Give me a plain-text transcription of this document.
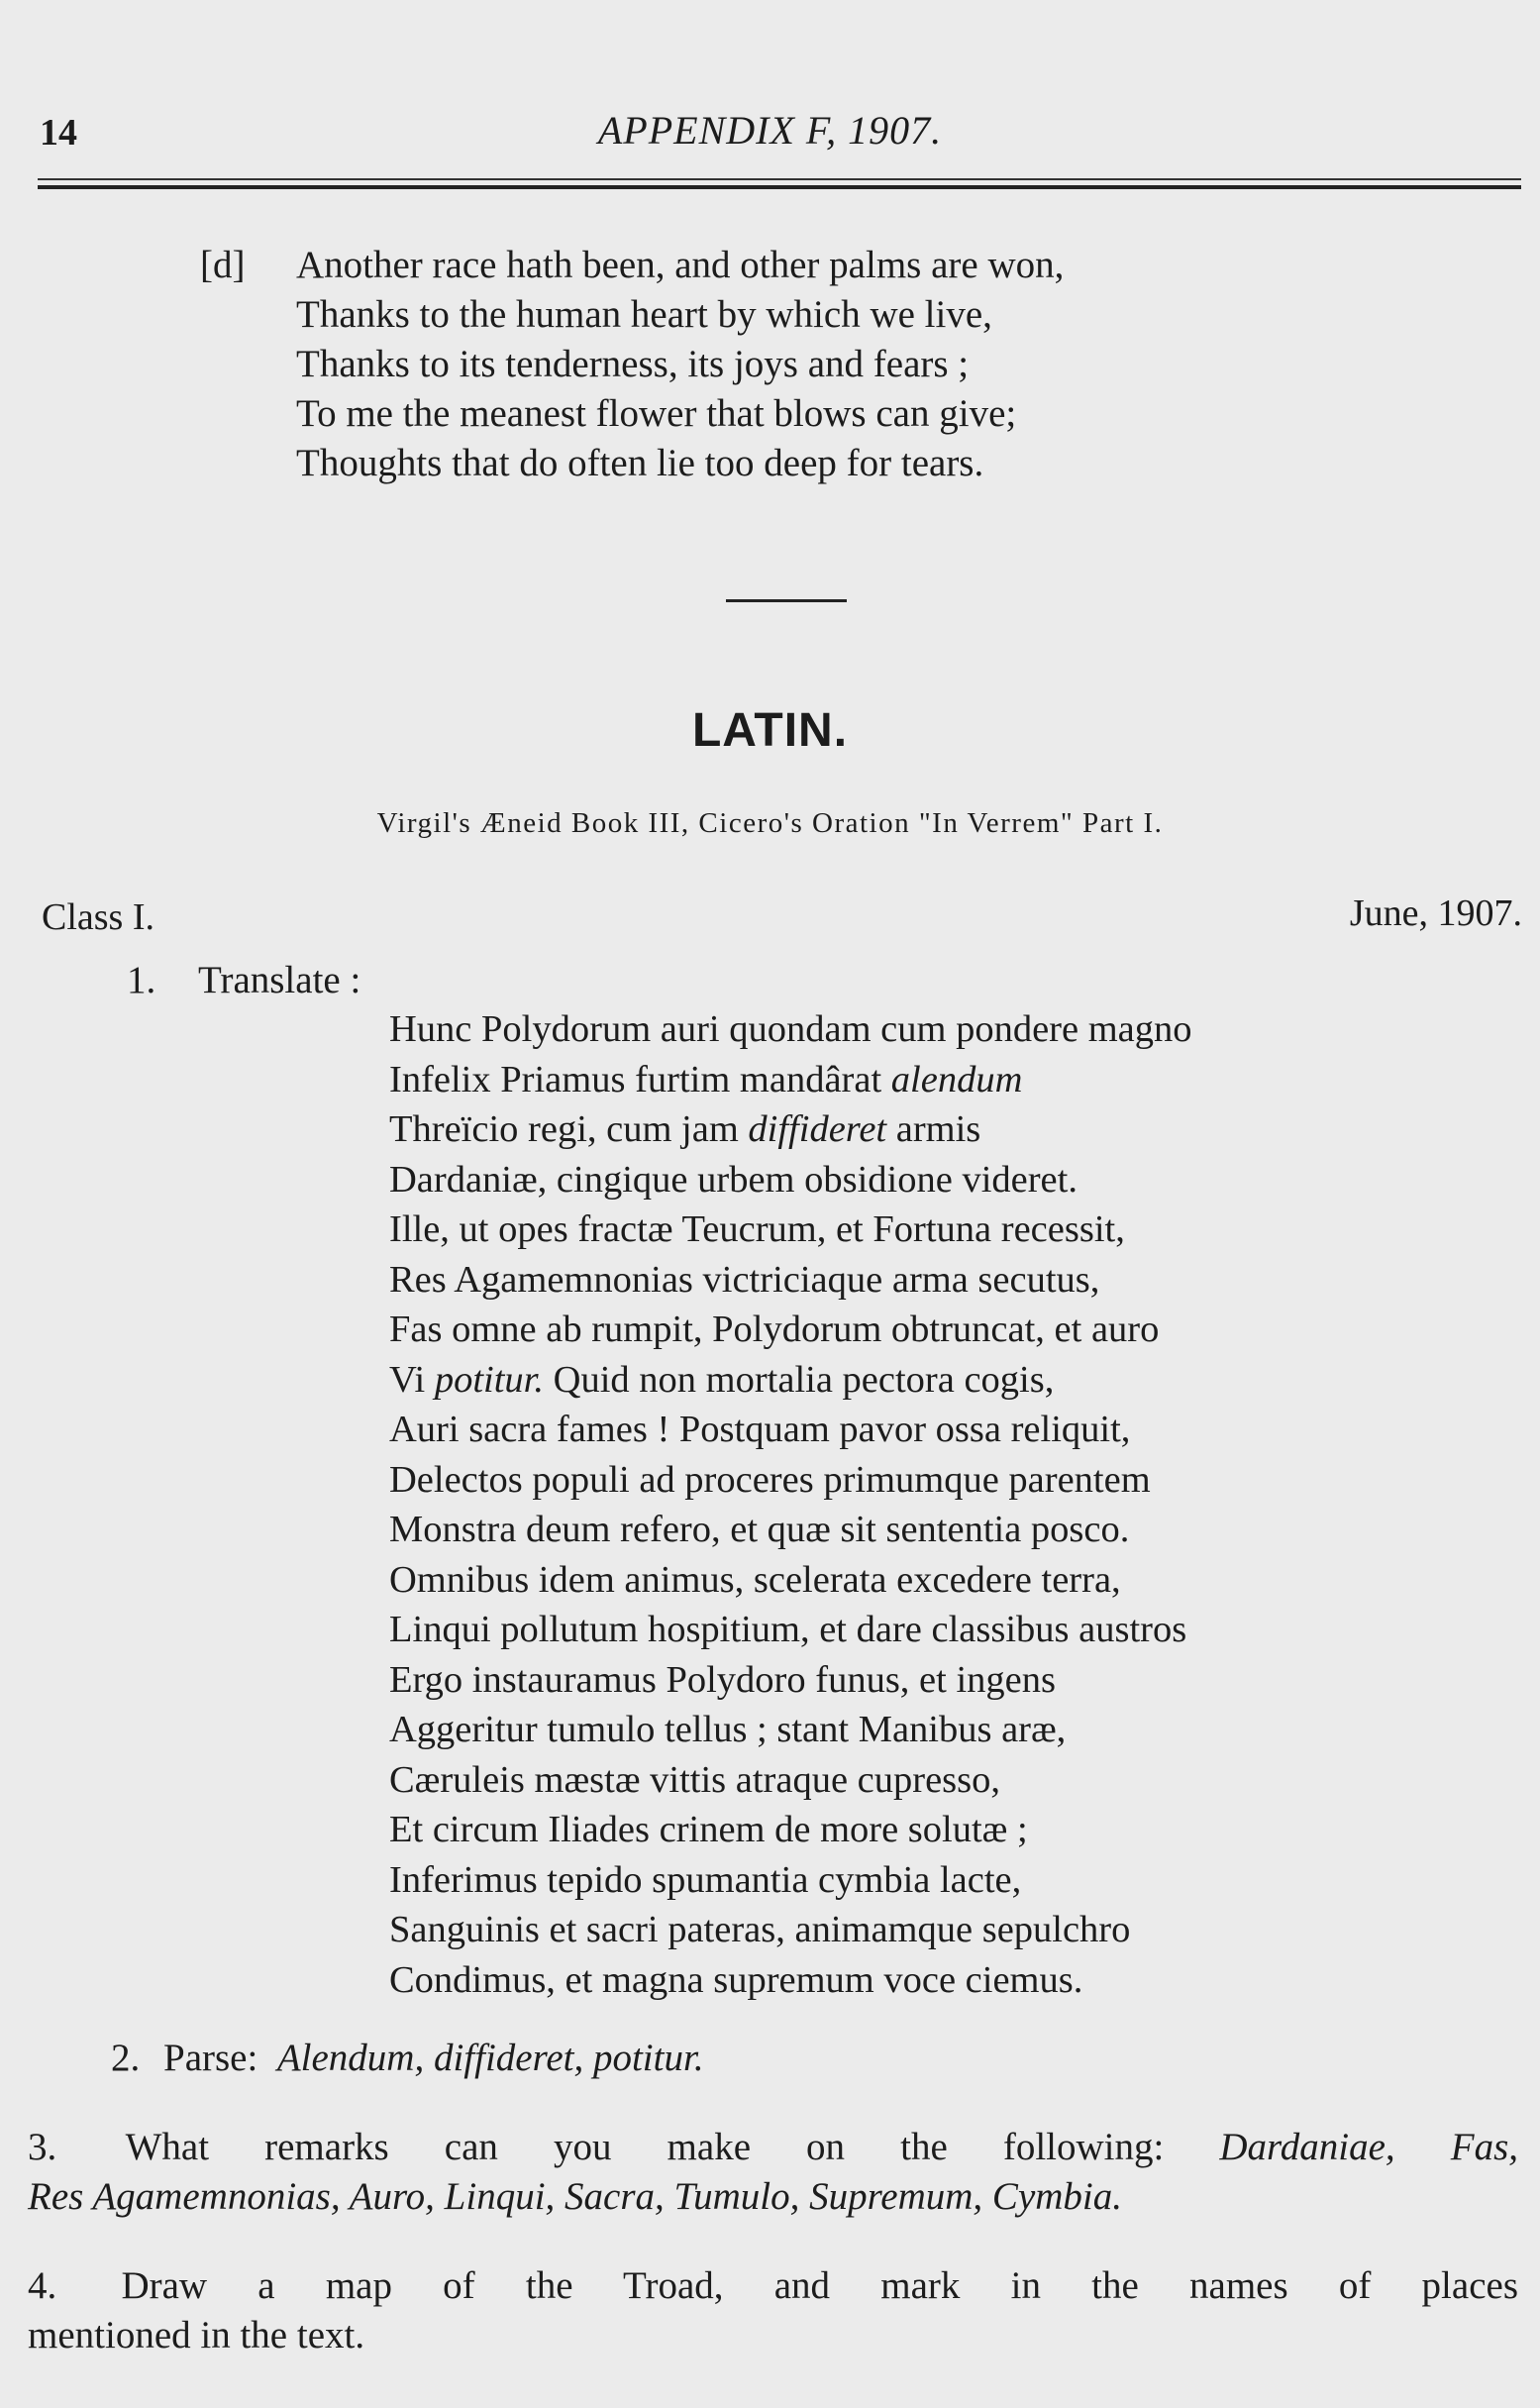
14	APPENDIX F, 1907.
[d] Another race hath been, and other palms are won,
Thanks to the human heart by which we live,
Thanks to its tenderness, its joys and fears ;
To me the meanest flower that blows can give;
Thoughts that do often lie too deep for tears.
LATIN.
Virgil's Æneid Book III, Cicero's Oration "In Verrem" Part I.
Class I.	June, 1907.
1. Translate :
Hunc Polydorum auri quondam cum pondere magno
Infelix Priamus furtim mandârat alendum
Threïcio regi, cum jam diffideret armis
Dardaniæ, cingique urbem obsidione videret.
Ille, ut opes fractæ Teucrum, et Fortuna recessit,
Res Agamemnonias victriciaque arma secutus,
Fas omne ab rumpit, Polydorum obtruncat, et auro
Vi potitur. Quid non mortalia pectora cogis,
Auri sacra fames ! Postquam pavor ossa reliquit,
Delectos populi ad proceres primumque parentem
Monstra deum refero, et quæ sit sententia posco.
Omnibus idem animus, scelerata excedere terra,
Linqui pollutum hospitium, et dare classibus austros
Ergo instauramus Polydoro funus, et ingens
Aggeritur tumulo tellus ; stant Manibus aræ,
Cæruleis mæstæ vittis atraque cupresso,
Et circum Iliades crinem de more solutæ ;
Inferimus tepido spumantia cymbia lacte,
Sanguinis et sacri pateras, animamque sepulchro
Condimus, et magna supremum voce ciemus.
2. Parse: Alendum, diffideret, potitur.
3. What remarks can you make on the following: Dardaniae, Fas,
Res Agamemnonias, Auro, Linqui, Sacra, Tumulo, Supremum, Cymbia.
4. Draw a map of the Troad, and mark in the names of places
mentioned in the text.
